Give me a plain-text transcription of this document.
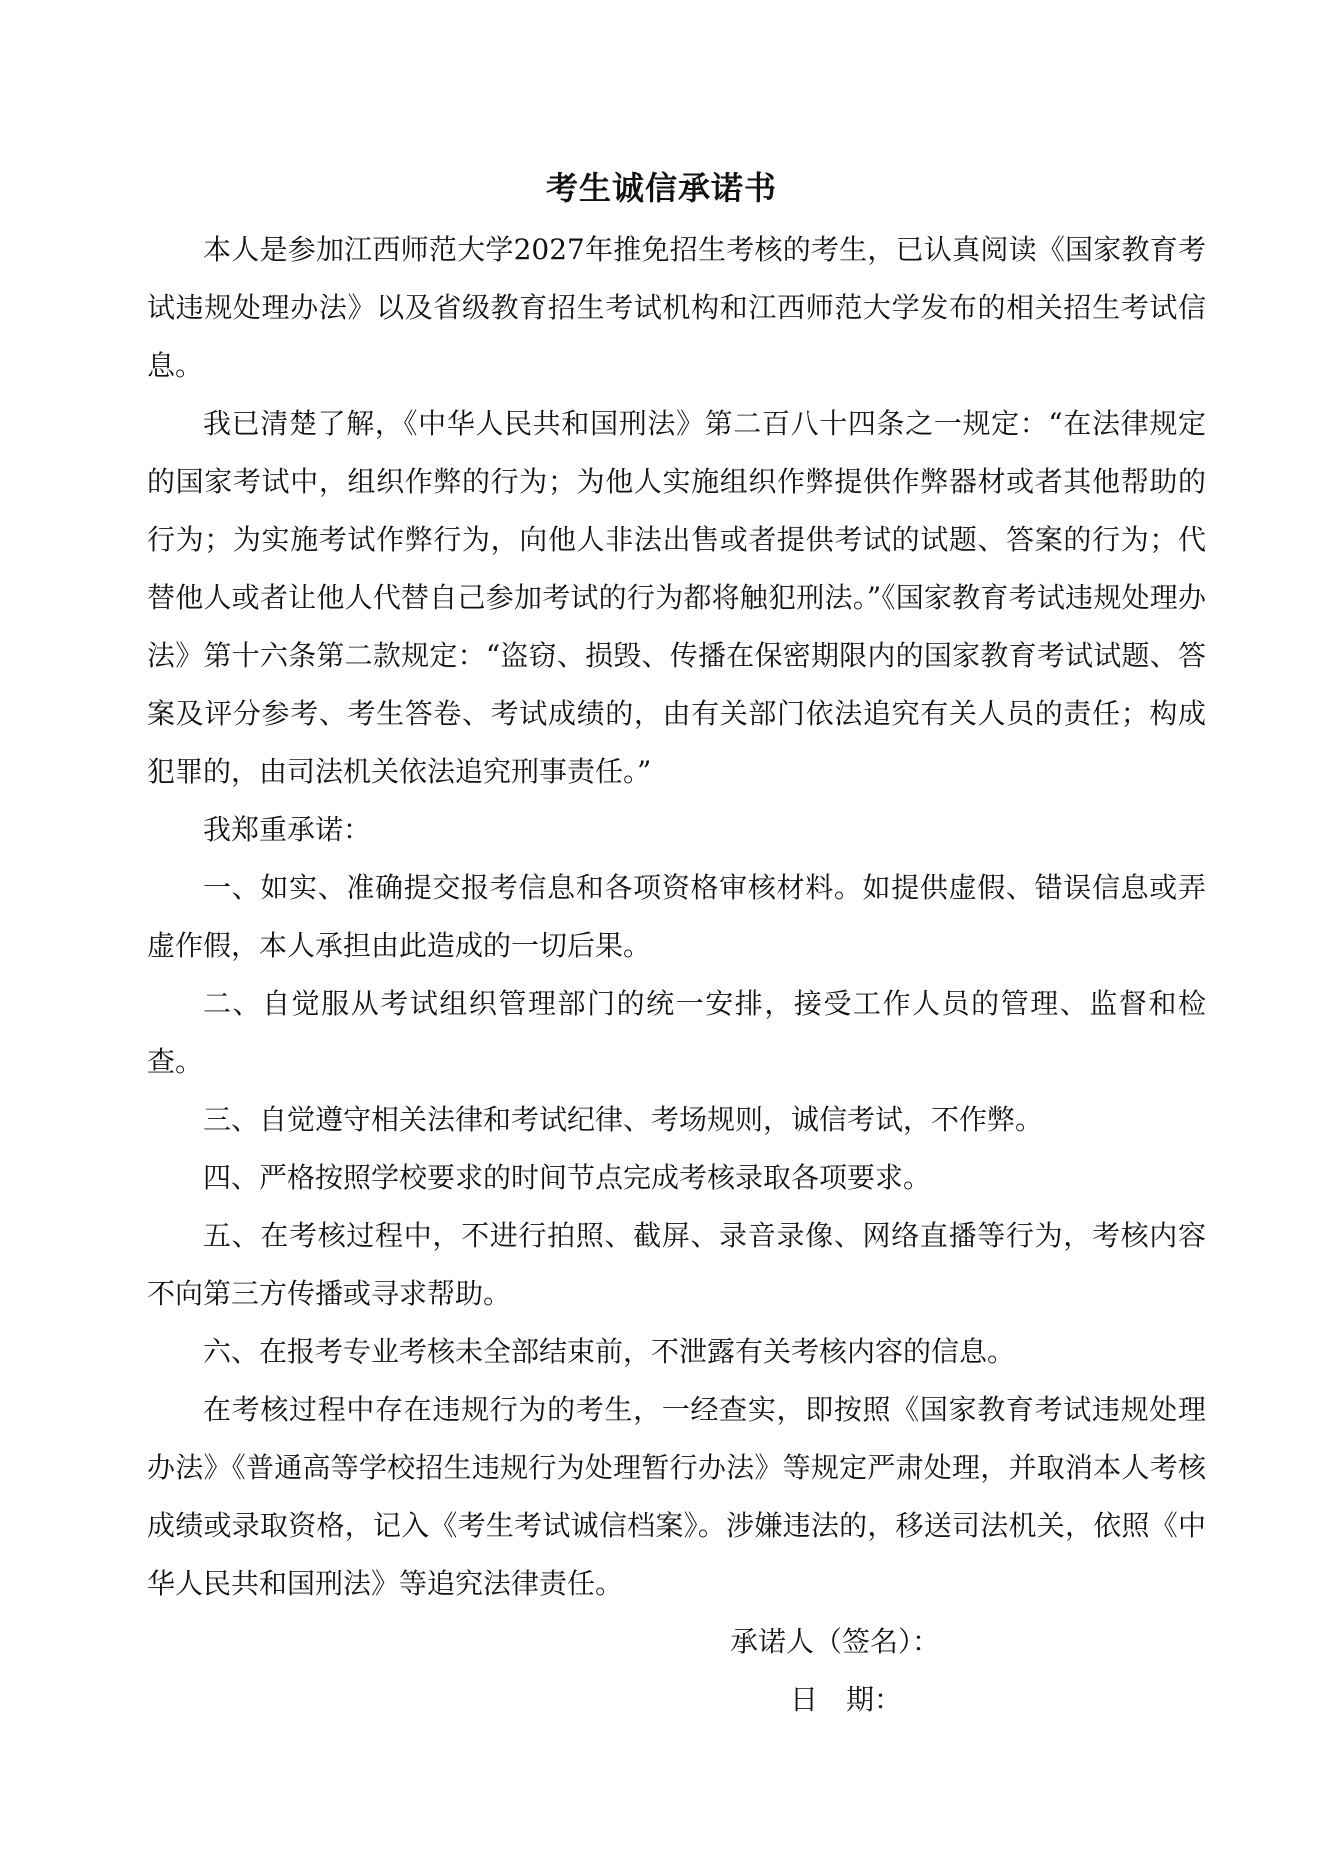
考生诚信承诺书

本人是参加江西师范大学2027年推免招生考核的考生，已认真阅读《国家教育考试违规处理办法》以及省级教育招生考试机构和江西师范大学发布的相关招生考试信息。

我已清楚了解，《中华人民共和国刑法》第二百八十四条之一规定：“在法律规定的国家考试中，组织作弊的行为；为他人实施组织作弊提供作弊器材或者其他帮助的行为；为实施考试作弊行为，向他人非法出售或者提供考试的试题、答案的行为；代替他人或者让他人代替自己参加考试的行为都将触犯刑法。”《国家教育考试违规处理办法》第十六条第二款规定：“盗窃、损毁、传播在保密期限内的国家教育考试试题、答案及评分参考、考生答卷、考试成绩的，由有关部门依法追究有关人员的责任；构成犯罪的，由司法机关依法追究刑事责任。”

我郑重承诺：

一、如实、准确提交报考信息和各项资格审核材料。如提供虚假、错误信息或弄虚作假，本人承担由此造成的一切后果。

二、自觉服从考试组织管理部门的统一安排，接受工作人员的管理、监督和检查。

三、自觉遵守相关法律和考试纪律、考场规则，诚信考试，不作弊。

四、严格按照学校要求的时间节点完成考核录取各项要求。

五、在考核过程中，不进行拍照、截屏、录音录像、网络直播等行为，考核内容不向第三方传播或寻求帮助。

六、在报考专业考核未全部结束前，不泄露有关考核内容的信息。

在考核过程中存在违规行为的考生，一经查实，即按照《国家教育考试违规处理办法》《普通高等学校招生违规行为处理暂行办法》等规定严肃处理，并取消本人考核成绩或录取资格，记入《考生考试诚信档案》。涉嫌违法的，移送司法机关，依照《中华人民共和国刑法》等追究法律责任。

承诺人（签名）：
日　期：
